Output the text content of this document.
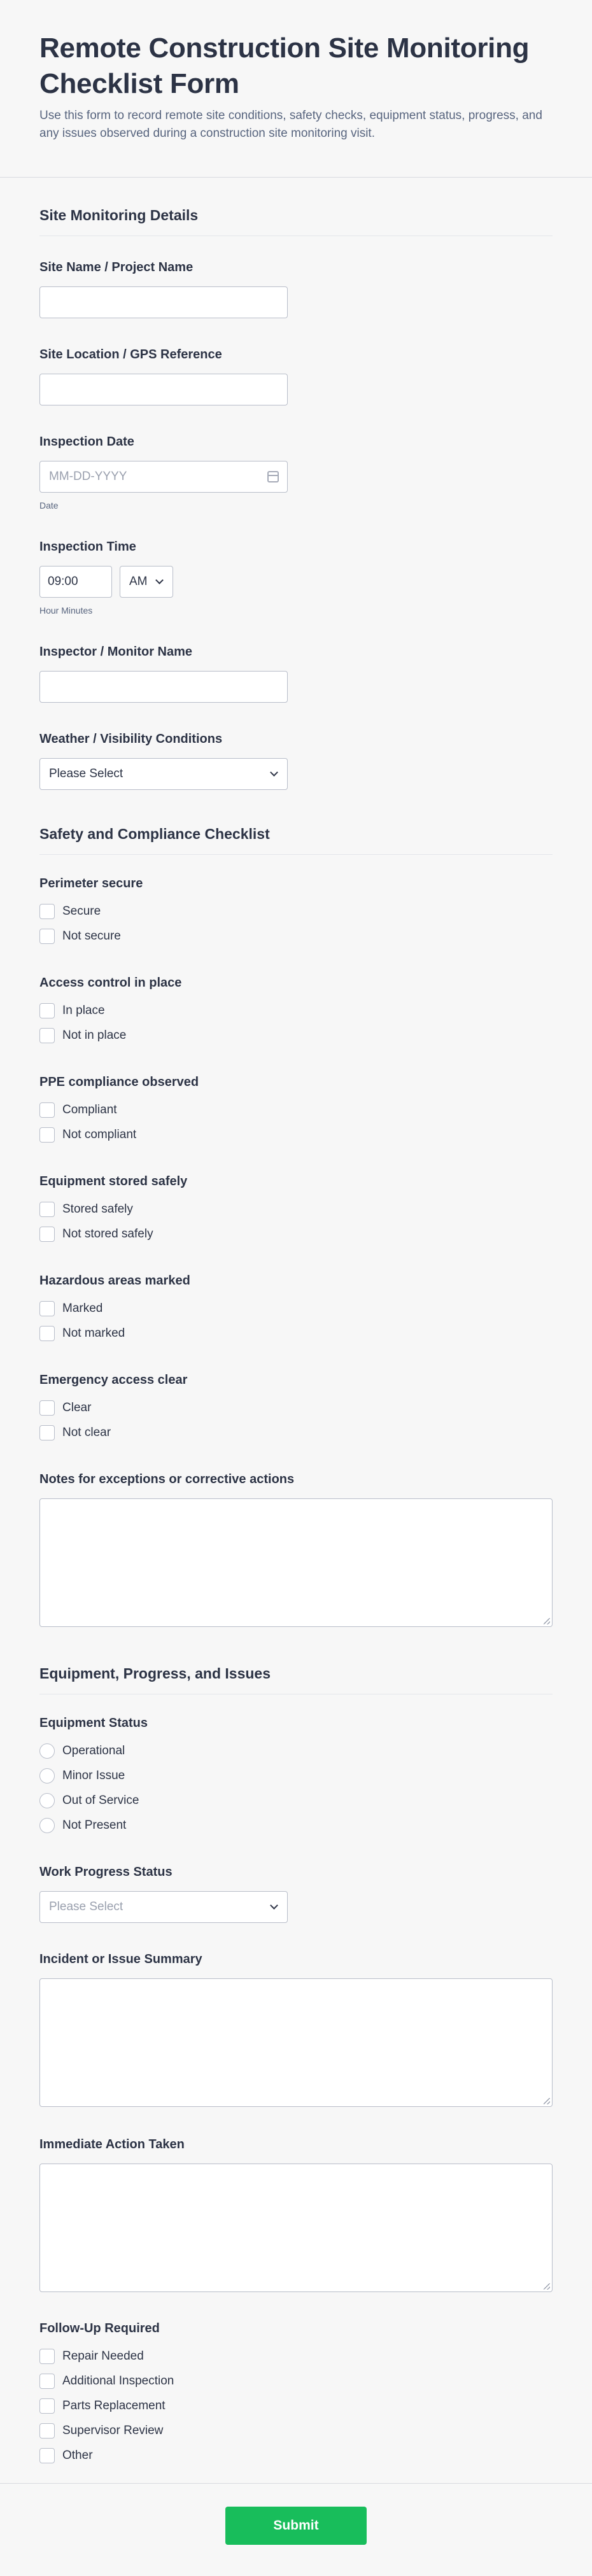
Remote Construction Site Monitoring Checklist Form

Use this form to record remote site conditions, safety checks, equipment status, progress, and any issues observed during a construction site monitoring visit.

Site Monitoring Details
Site Name / Project Name
Site Location / GPS Reference
Inspection Date
MM-DD-YYYY
Date
Inspection Time
09:00
AM
Hour Minutes
Inspector / Monitor Name
Weather / Visibility Conditions
Please Select
Safety and Compliance Checklist
Perimeter secure
Secure
Not secure
Access control in place
In place
Not in place
PPE compliance observed
Compliant
Not compliant
Equipment stored safely
Stored safely
Not stored safely
Hazardous areas marked
Marked
Not marked
Emergency access clear
Clear
Not clear
Notes for exceptions or corrective actions
Equipment, Progress, and Issues
Equipment Status
Operational
Minor Issue
Out of Service
Not Present
Work Progress Status
Please Select
Incident or Issue Summary
Immediate Action Taken
Follow-Up Required
Repair Needed
Additional Inspection
Parts Replacement
Supervisor Review
Other
Submit
